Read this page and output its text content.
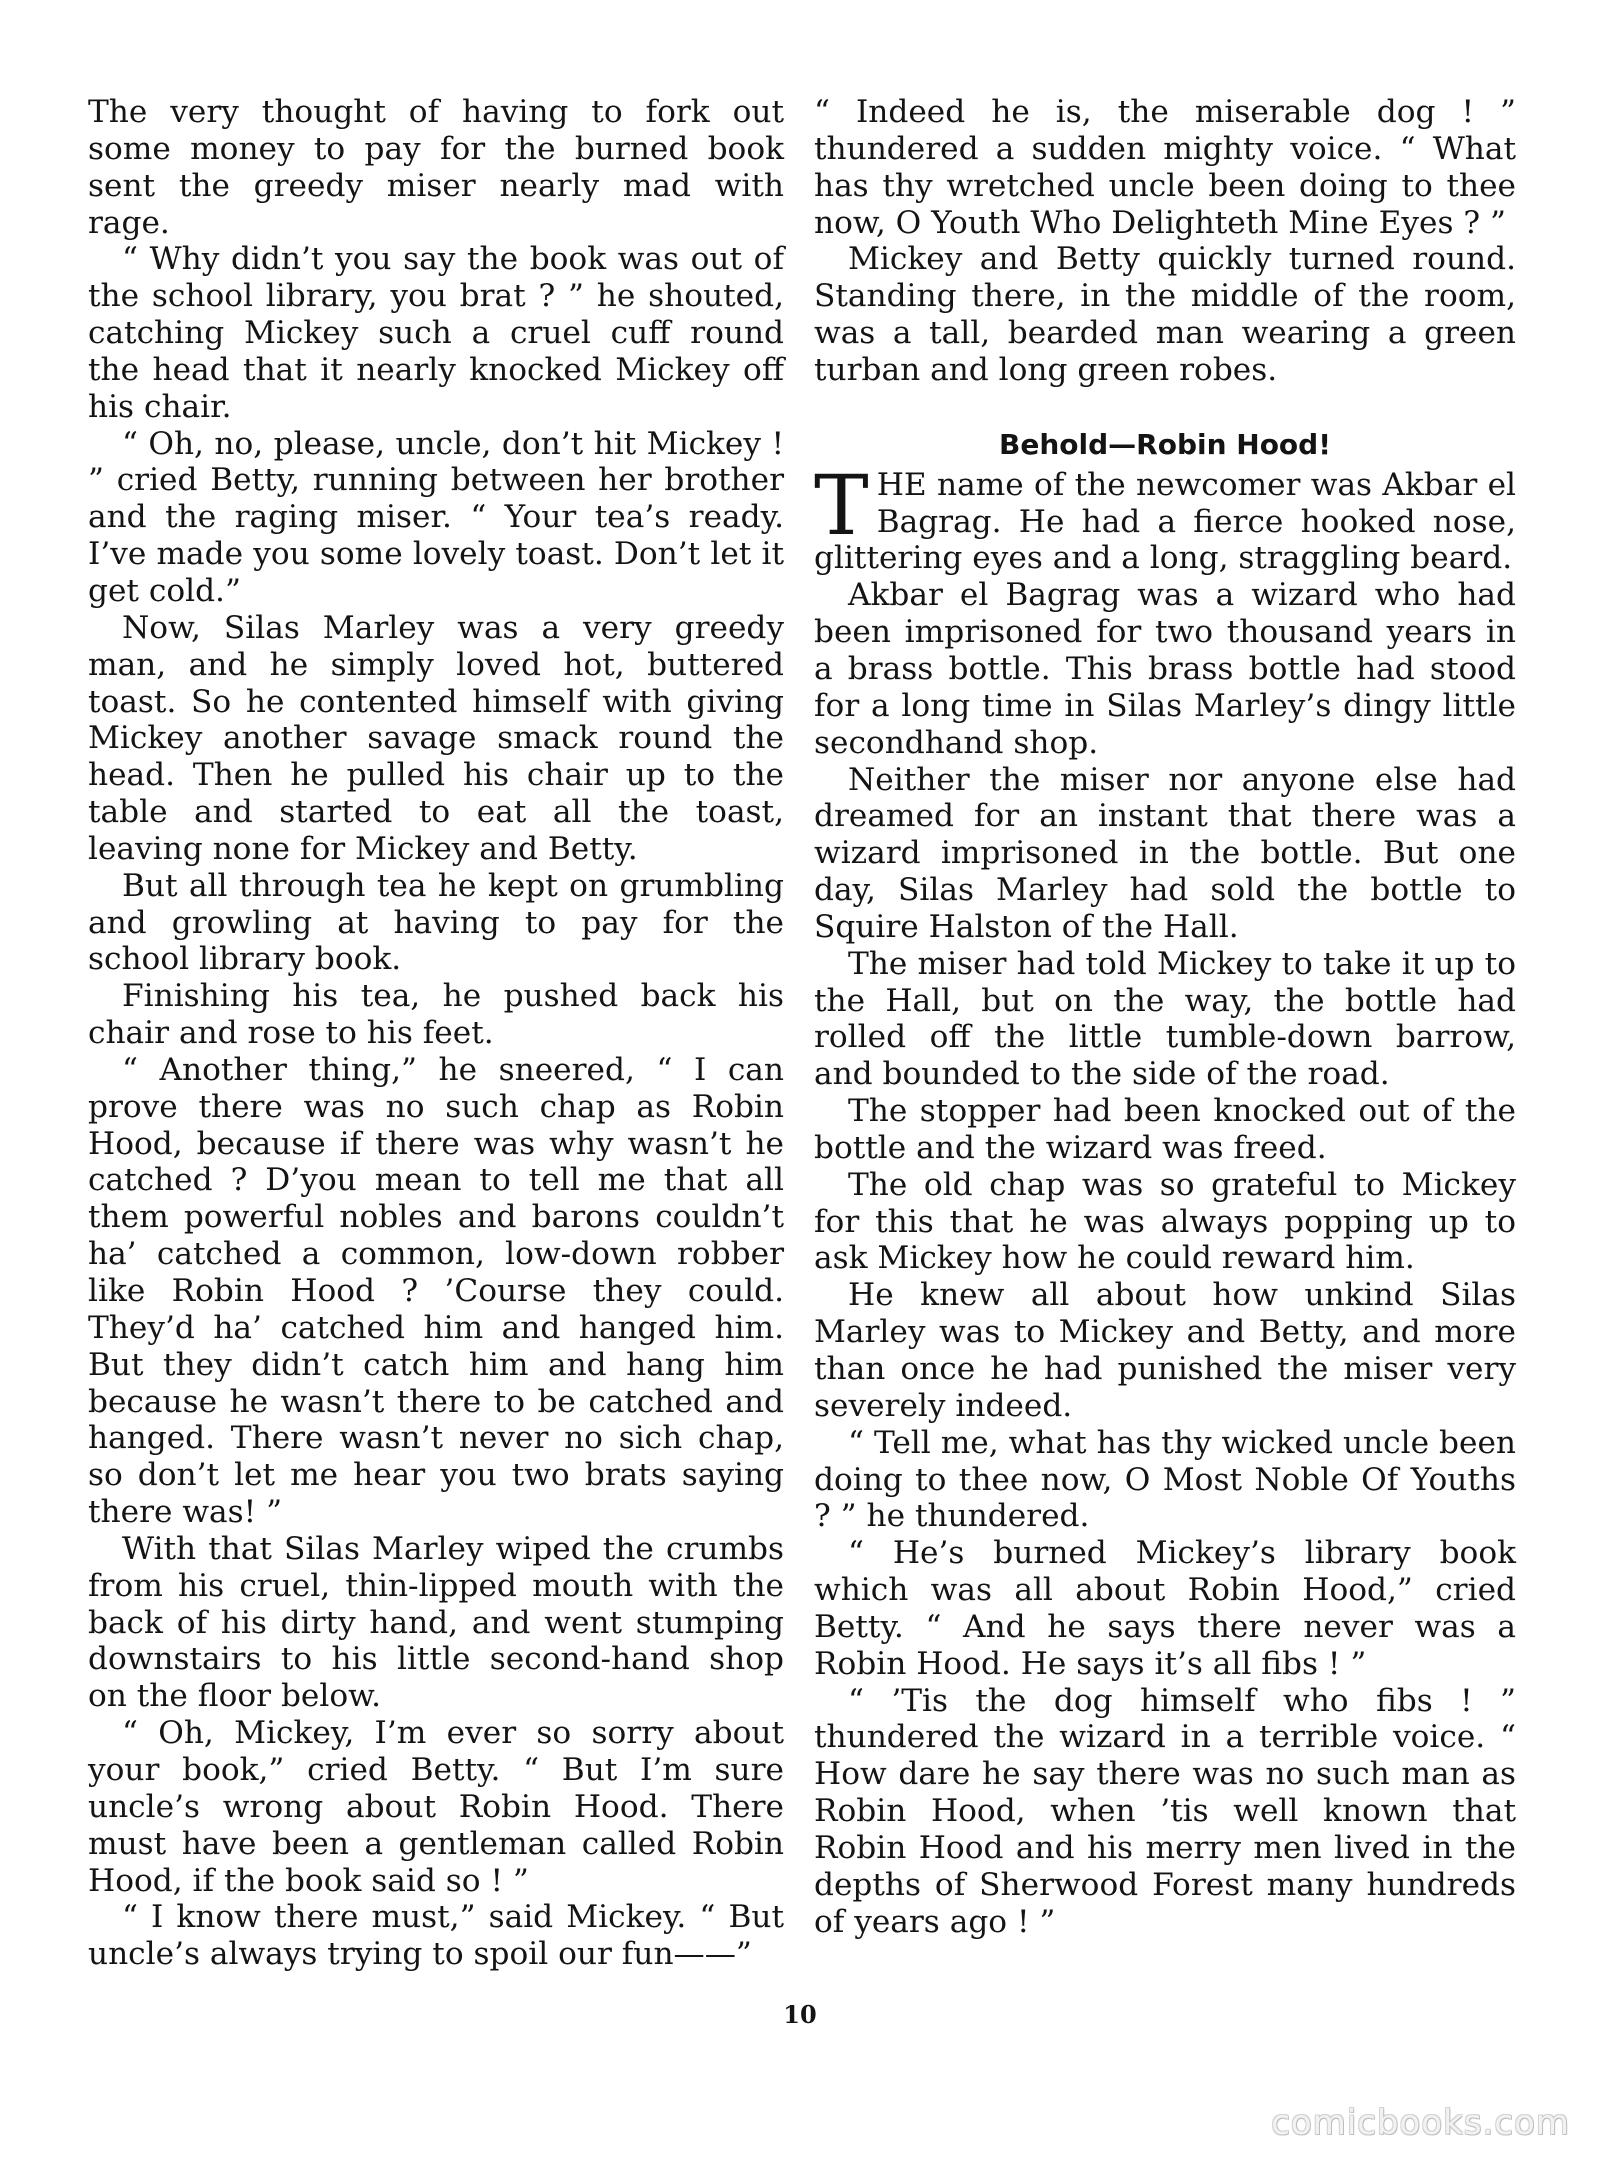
The very thought of having to fork out some money to pay for the burned book sent the greedy miser nearly mad with rage.

“ Why didn’t you say the book was out of the school library, you brat ? ” he shouted, catching Mickey such a cruel cuff round the head that it nearly knocked Mickey off his chair.

“ Oh, no, please, uncle, don’t hit Mickey ! ” cried Betty, running between her brother and the raging miser. “ Your tea’s ready. I’ve made you some lovely toast. Don’t let it get cold.”

Now, Silas Marley was a very greedy man, and he simply loved hot, buttered toast. So he contented himself with giving Mickey another savage smack round the head. Then he pulled his chair up to the table and started to eat all the toast, leaving none for Mickey and Betty.

But all through tea he kept on grumbling and growling at having to pay for the school library book.

Finishing his tea, he pushed back his chair and rose to his feet.

“ Another thing,” he sneered, “ I can prove there was no such chap as Robin Hood, because if there was why wasn’t he catched ? D’you mean to tell me that all them powerful nobles and barons couldn’t ha’ catched a common, low-down robber like Robin Hood ? ’Course they could. They’d ha’ catched him and hanged him. But they didn’t catch him and hang him because he wasn’t there to be catched and hanged. There wasn’t never no sich chap, so don’t let me hear you two brats saying there was! ”

With that Silas Marley wiped the crumbs from his cruel, thin-lipped mouth with the back of his dirty hand, and went stumping downstairs to his little second-hand shop on the floor below.

“ Oh, Mickey, I’m ever so sorry about your book,” cried Betty. “ But I’m sure uncle’s wrong about Robin Hood. There must have been a gentleman called Robin Hood, if the book said so ! ”

“ I know there must,” said Mickey. “ But uncle’s always trying to spoil our fun——”

“ Indeed he is, the miserable dog ! ” thundered a sudden mighty voice. “ What has thy wretched uncle been doing to thee now, O Youth Who Delighteth Mine Eyes ? ”

Mickey and Betty quickly turned round. Standing there, in the middle of the room, was a tall, bearded man wearing a green turban and long green robes.

Behold—Robin Hood!

THE name of the newcomer was Akbar el Bagrag. He had a fierce hooked nose, glittering eyes and a long, straggling beard.

Akbar el Bagrag was a wizard who had been imprisoned for two thousand years in a brass bottle. This brass bottle had stood for a long time in Silas Marley’s dingy little secondhand shop.

Neither the miser nor anyone else had dreamed for an instant that there was a wizard imprisoned in the bottle. But one day, Silas Marley had sold the bottle to Squire Halston of the Hall.

The miser had told Mickey to take it up to the Hall, but on the way, the bottle had rolled off the little tumble-down barrow, and bounded to the side of the road.

The stopper had been knocked out of the bottle and the wizard was freed.

The old chap was so grateful to Mickey for this that he was always popping up to ask Mickey how he could reward him.

He knew all about how unkind Silas Marley was to Mickey and Betty, and more than once he had punished the miser very severely indeed.

“ Tell me, what has thy wicked uncle been doing to thee now, O Most Noble Of Youths ? ” he thundered.

“ He’s burned Mickey’s library book which was all about Robin Hood,” cried Betty. “ And he says there never was a Robin Hood. He says it’s all fibs ! ”

“ ’Tis the dog himself who fibs ! ” thundered the wizard in a terrible voice. “ How dare he say there was no such man as Robin Hood, when ’tis well known that Robin Hood and his merry men lived in the depths of Sherwood Forest many hundreds of years ago ! ”

10
comicbooks.com
